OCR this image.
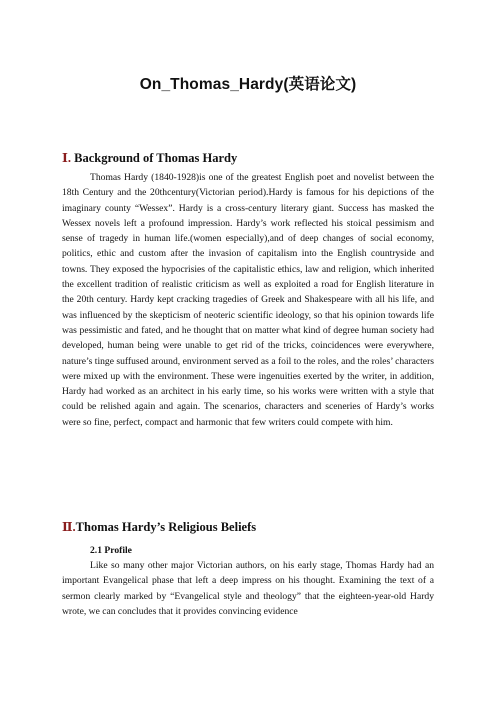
On_Thomas_Hardy(英语论文)
Ⅰ. Background of Thomas Hardy

Thomas Hardy (1840-1928)is one of the greatest English poet and novelist between the 18th Century and the 20thcentury(Victorian period).Hardy is famous for his depictions of the imaginary county “Wessex”. Hardy is a cross-century literary giant. Success has masked the Wessex novels left a profound impression. Hardy’s work reflected his stoical pessimism and sense of tragedy in human life.(women especially),and of deep changes of social economy, politics, ethic and custom after the invasion of capitalism into the English countryside and towns. They exposed the hypocrisies of the capitalistic ethics, law and religion, which inherited the excellent tradition of realistic criticism as well as exploited a road for English literature in the 20th century. Hardy kept cracking tragedies of Greek and Shakespeare with all his life, and was influenced by the skepticism of neoteric scientific ideology, so that his opinion towards life was pessimistic and fated, and he thought that on matter what kind of degree human society had developed, human being were unable to get rid of the tricks, coincidences were everywhere, nature’s tinge suffused around, environment served as a foil to the roles, and the roles’ characters were mixed up with the environment. These were ingenuities exerted by the writer, in addition, Hardy had worked as an architect in his early time, so his works were written with a style that could be relished again and again. The scenarios, characters and sceneries of Hardy’s works were so fine, perfect, compact and harmonic that few writers could compete with him.

Ⅱ.Thomas Hardy’s Religious Beliefs
2.1 Profile

Like so many other major Victorian authors, on his early stage, Thomas Hardy had an important Evangelical phase that left a deep impress on his thought. Examining the text of a sermon clearly marked by “Evangelical style and theology” that the eighteen-year-old Hardy wrote, we can concludes that it provides convincing evidence
